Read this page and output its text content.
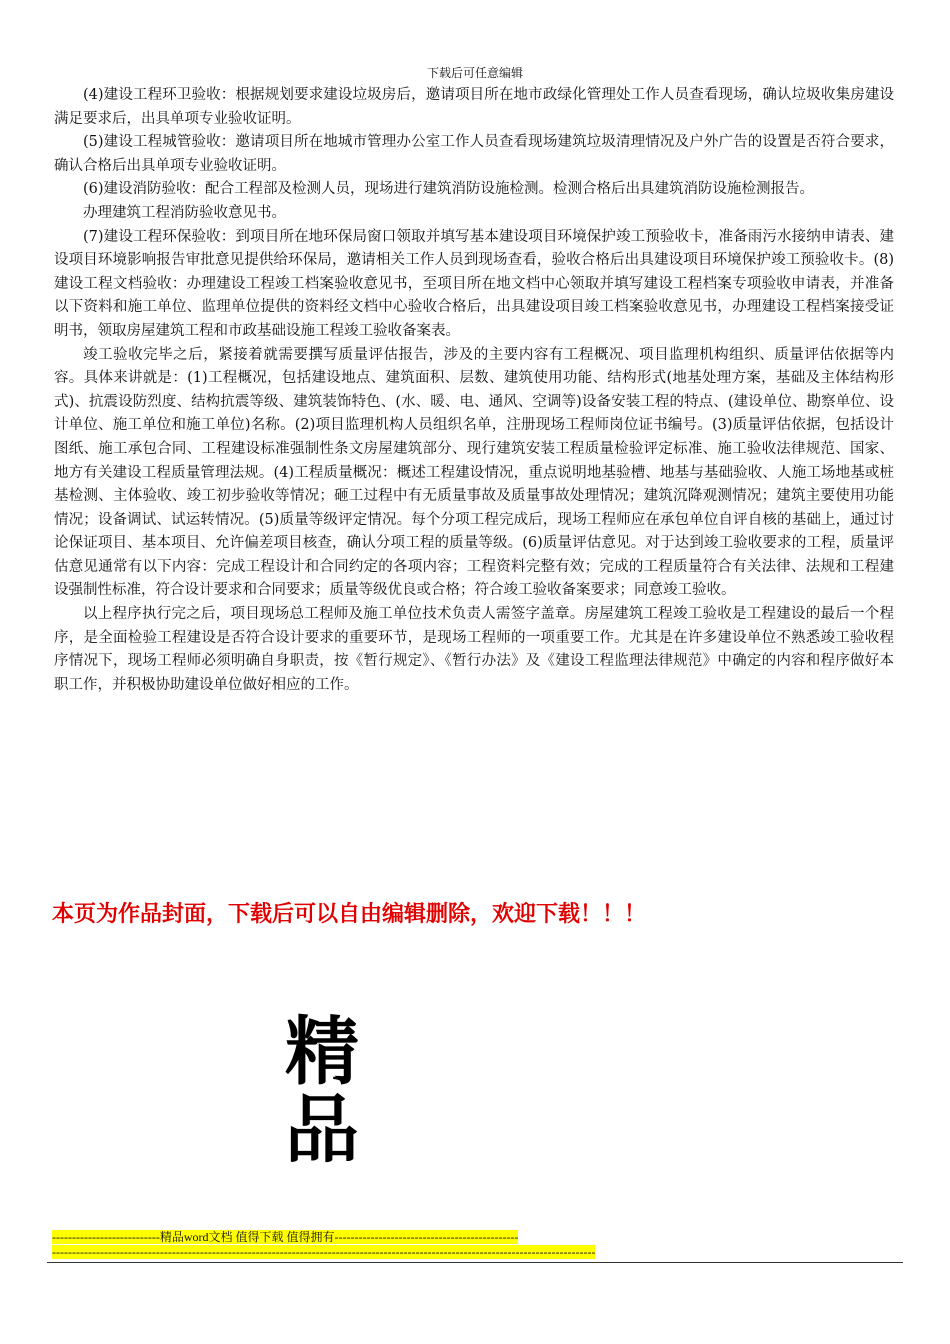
下载后可任意编辑

(4)建设工程环卫验收：根据规划要求建设垃圾房后，邀请项目所在地市政绿化管理处工作人员查看现场，确认垃圾收集房建设满足要求后，出具单项专业验收证明。

(5)建设工程城管验收：邀请项目所在地城市管理办公室工作人员查看现场建筑垃圾清理情况及户外广告的设置是否符合要求，确认合格后出具单项专业验收证明。

(6)建设消防验收：配合工程部及检测人员，现场进行建筑消防设施检测。检测合格后出具建筑消防设施检测报告。

办理建筑工程消防验收意见书。

(7)建设工程环保验收：到项目所在地环保局窗口领取并填写基本建设项目环境保护竣工预验收卡，准备雨污水接纳申请表、建设项目环境影响报告审批意见提供给环保局，邀请相关工作人员到现场查看，验收合格后出具建设项目环境保护竣工预验收卡。(8)建设工程文档验收：办理建设工程竣工档案验收意见书，至项目所在地文档中心领取并填写建设工程档案专项验收申请表，并准备以下资料和施工单位、监理单位提供的资料经文档中心验收合格后，出具建设项目竣工档案验收意见书，办理建设工程档案接受证明书，领取房屋建筑工程和市政基础设施工程竣工验收备案表。

竣工验收完毕之后，紧接着就需要撰写质量评估报告，涉及的主要内容有工程概况、项目监理机构组织、质量评估依据等内容。具体来讲就是：(1)工程概况，包括建设地点、建筑面积、层数、建筑使用功能、结构形式(地基处理方案，基础及主体结构形式)、抗震设防烈度、结构抗震等级、建筑装饰特色、(水、暖、电、通风、空调等)设备安装工程的特点、(建设单位、勘察单位、设计单位、施工单位和施工单位)名称。(2)项目监理机构人员组织名单，注册现场工程师岗位证书编号。(3)质量评估依据，包括设计图纸、施工承包合同、工程建设标准强制性条文房屋建筑部分、现行建筑安装工程质量检验评定标准、施工验收法律规范、国家、地方有关建设工程质量管理法规。(4)工程质量概况：概述工程建设情况，重点说明地基验槽、地基与基础验收、人施工场地基或桩基检测、主体验收、竣工初步验收等情况；砸工过程中有无质量事故及质量事故处理情况；建筑沉降观测情况；建筑主要使用功能情况；设备调试、试运转情况。(5)质量等级评定情况。每个分项工程完成后，现场工程师应在承包单位自评自核的基础上，通过讨论保证项目、基本项目、允许偏差项目核查，确认分项工程的质量等级。(6)质量评估意见。对于达到竣工验收要求的工程，质量评估意见通常有以下内容：完成工程设计和合同约定的各项内容；工程资料完整有效；完成的工程质量符合有关法律、法规和工程建设强制性标准，符合设计要求和合同要求；质量等级优良或合格；符合竣工验收备案要求；同意竣工验收。

以上程序执行完之后，项目现场总工程师及施工单位技术负责人需签字盖章。房屋建筑工程竣工验收是工程建设的最后一个程序，是全面检验工程建设是否符合设计要求的重要环节，是现场工程师的一项重要工作。尤其是在许多建设单位不熟悉竣工验收程序情况下，现场工程师必须明确自身职责，按《暂行规定》、《暂行办法》及《建设工程监理法律规范》中确定的内容和程序做好本职工作，并积极协助建设单位做好相应的工作。

本页为作品封面，下载后可以自由编辑删除，欢迎下载！！！
精
品
---------------------------精品word文档 值得下载 值得拥有----------------------------------------------
----------------------------------------------------------------------------------------------------------------------------------------
